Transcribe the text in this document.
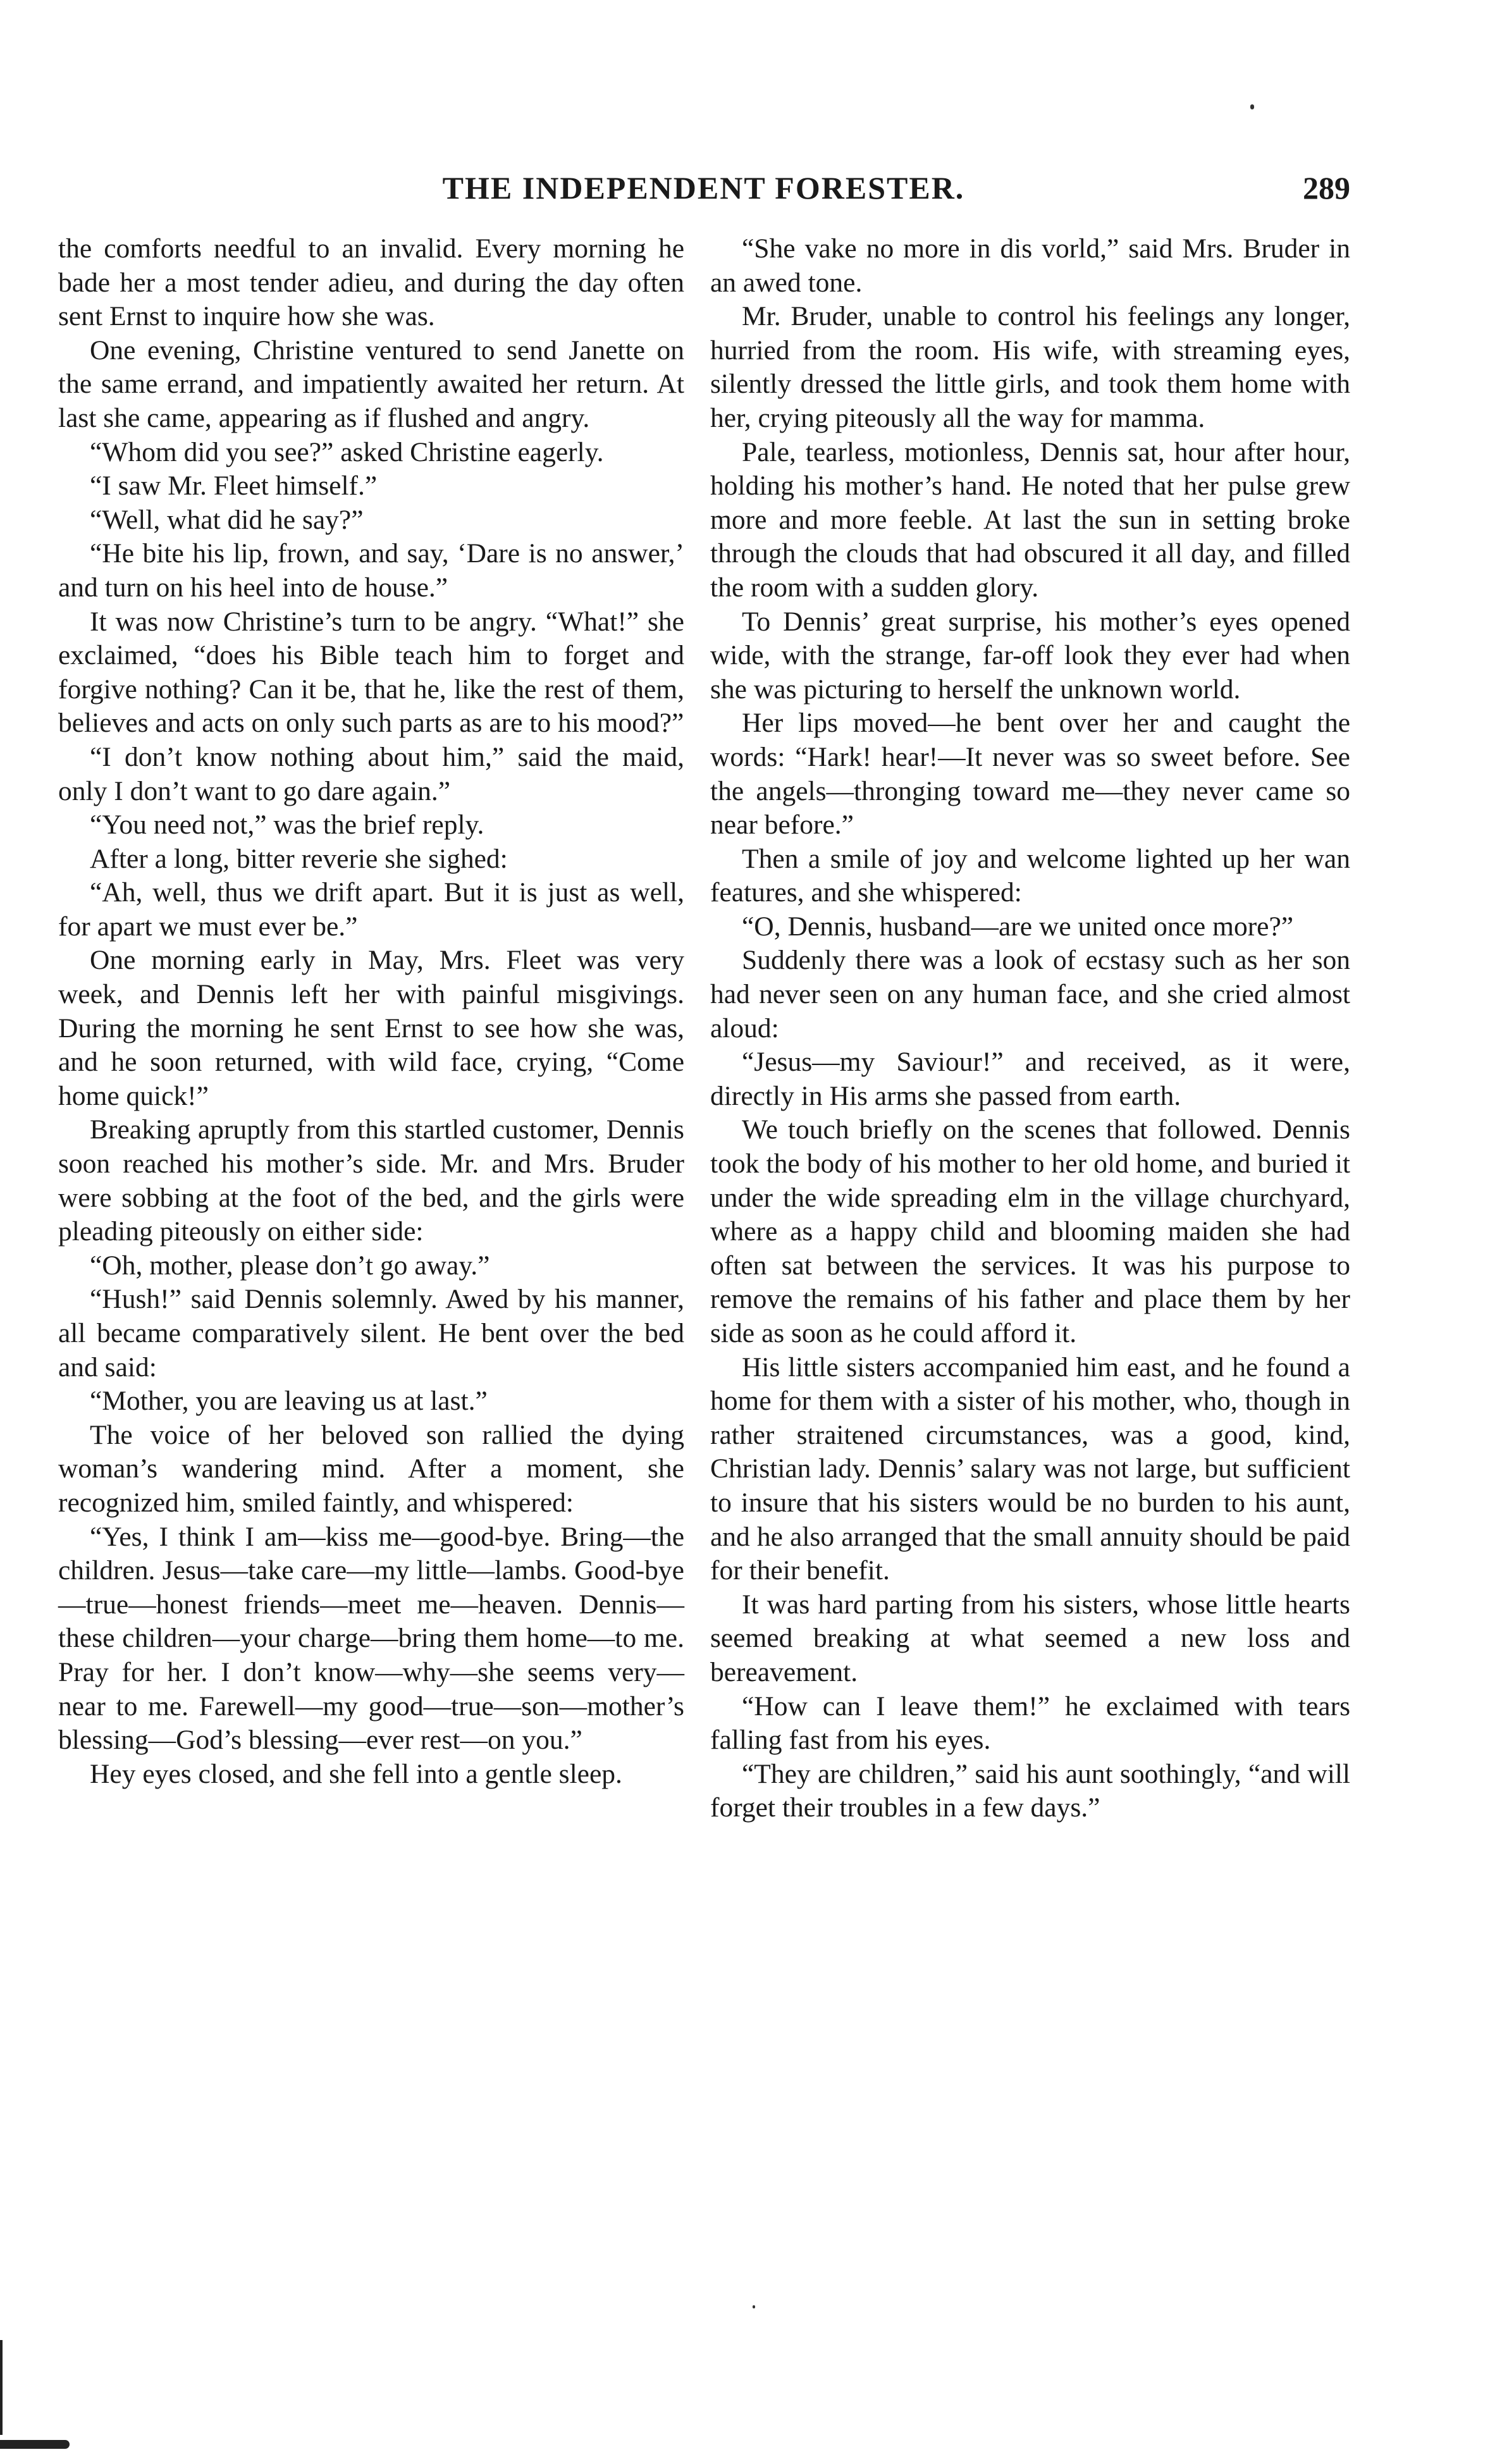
THE INDEPENDENT FORESTER.	289

the comforts needful to an invalid. Every morning he bade her a most tender adieu, and during the day often sent Ernst to inquire how she was.

One evening, Christine ventured to send Janette on the same errand, and impatiently awaited her return. At last she came, appearing as if flushed and angry.

“Whom did you see?” asked Christine eagerly.

“I saw Mr. Fleet himself.”

“Well, what did he say?”

“He bite his lip, frown, and say, ‘Dare is no answer,’ and turn on his heel into de house.”

It was now Christine’s turn to be angry. “What!” she exclaimed, “does his Bible teach him to forget and forgive nothing? Can it be, that he, like the rest of them, believes and acts on only such parts as are to his mood?”

“I don’t know nothing about him,” said the maid, only I don’t want to go dare again.”

“You need not,” was the brief reply.

After a long, bitter reverie she sighed:

“Ah, well, thus we drift apart. But it is just as well, for apart we must ever be.”

One morning early in May, Mrs. Fleet was very week, and Dennis left her with painful misgivings. During the morning he sent Ernst to see how she was, and he soon returned, with wild face, crying, “Come home quick!”

Breaking apruptly from this startled customer, Dennis soon reached his mother’s side. Mr. and Mrs. Bruder were sobbing at the foot of the bed, and the girls were pleading piteously on either side:

“Oh, mother, please don’t go away.”

“Hush!” said Dennis solemnly. Awed by his manner, all became comparatively silent. He bent over the bed and said:

“Mother, you are leaving us at last.”

The voice of her beloved son rallied the dying woman’s wandering mind. After a moment, she recognized him, smiled faintly, and whispered:

“Yes, I think I am—kiss me—good-bye. Bring—the children. Jesus—take care—my little—lambs. Good-bye—true—honest friends—meet me—heaven. Dennis—these children—your charge—bring them home—to me. Pray for her. I don’t know—why—she seems very—near to me. Farewell—my good—true—son—mother’s blessing—God’s blessing—ever rest—on you.”

Hey eyes closed, and she fell into a gentle sleep.

“She vake no more in dis vorld,” said Mrs. Bruder in an awed tone.

Mr. Bruder, unable to control his feelings any longer, hurried from the room. His wife, with streaming eyes, silently dressed the little girls, and took them home with her, crying piteously all the way for mamma.

Pale, tearless, motionless, Dennis sat, hour after hour, holding his mother’s hand. He noted that her pulse grew more and more feeble. At last the sun in setting broke through the clouds that had obscured it all day, and filled the room with a sudden glory.

To Dennis’ great surprise, his mother’s eyes opened wide, with the strange, far-off look they ever had when she was picturing to herself the unknown world.

Her lips moved—he bent over her and caught the words: “Hark! hear!—It never was so sweet before. See the angels—thronging toward me—they never came so near before.”

Then a smile of joy and welcome lighted up her wan features, and she whispered:

“O, Dennis, husband—are we united once more?”

Suddenly there was a look of ecstasy such as her son had never seen on any human face, and she cried almost aloud:

“Jesus—my Saviour!” and received, as it were, directly in His arms she passed from earth.

We touch briefly on the scenes that followed. Dennis took the body of his mother to her old home, and buried it under the wide spreading elm in the village churchyard, where as a happy child and blooming maiden she had often sat between the services. It was his purpose to remove the remains of his father and place them by her side as soon as he could afford it.

His little sisters accompanied him east, and he found a home for them with a sister of his mother, who, though in rather straitened circumstances, was a good, kind, Christian lady. Dennis’ salary was not large, but sufficient to insure that his sisters would be no burden to his aunt, and he also arranged that the small annuity should be paid for their benefit.

It was hard parting from his sisters, whose little hearts seemed breaking at what seemed a new loss and bereavement.

“How can I leave them!” he exclaimed with tears falling fast from his eyes.

“They are children,” said his aunt soothingly, “and will forget their troubles in a few days.”
